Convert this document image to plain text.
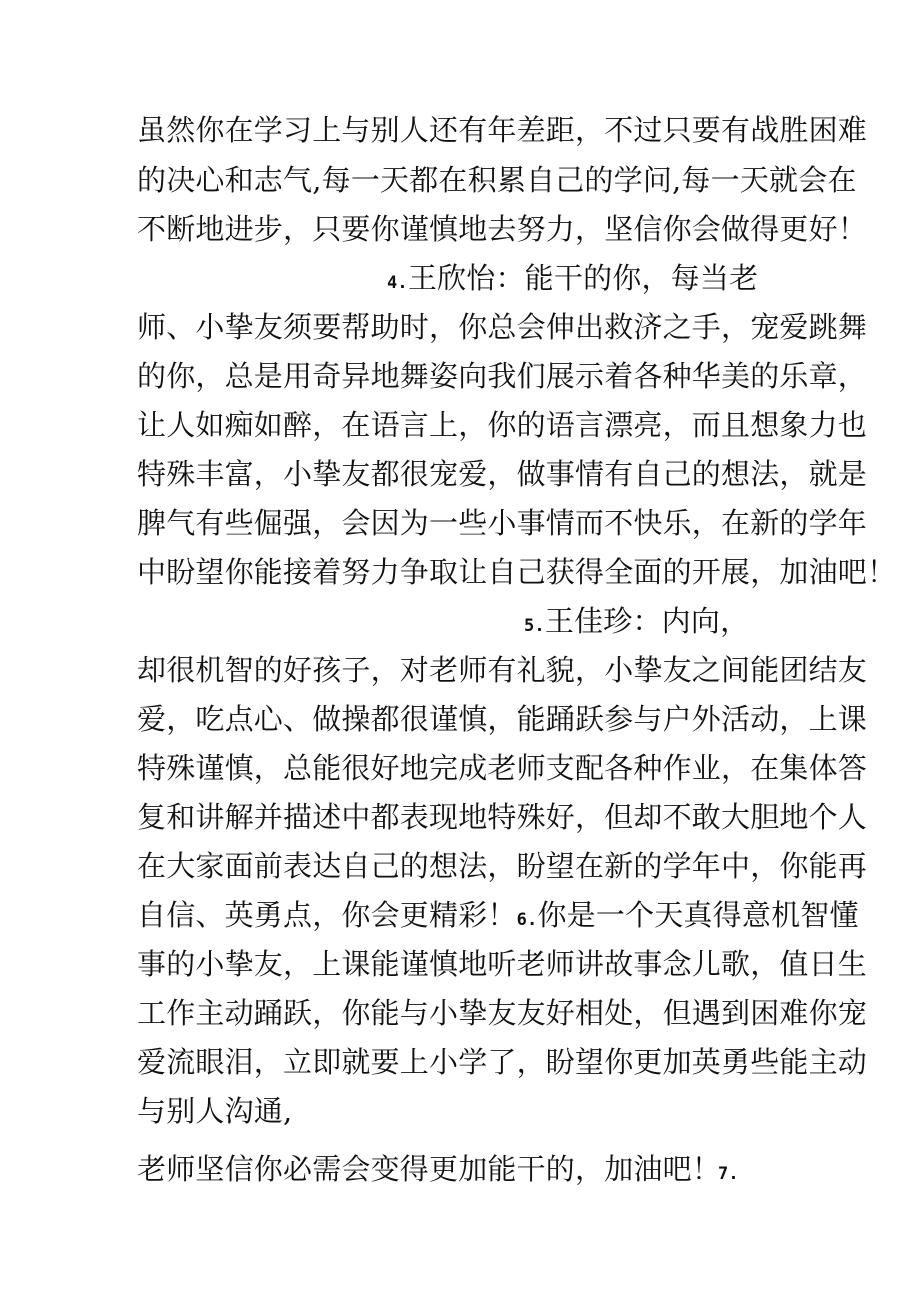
虽然你在学习上与别人还有年差距，不过只要有战胜困难
的决心和志气,每一天都在积累自己的学问,每一天就会在
不断地进步，只要你谨慎地去努力，坚信你会做得更好！
4.王欣怡：能干的你，每当老
师、小挚友须要帮助时，你总会伸出救济之手，宠爱跳舞
的你，总是用奇异地舞姿向我们展示着各种华美的乐章，
让人如痴如醉，在语言上，你的语言漂亮，而且想象力也
特殊丰富，小挚友都很宠爱，做事情有自己的想法，就是
脾气有些倔强，会因为一些小事情而不快乐，在新的学年
中盼望你能接着努力争取让自己获得全面的开展，加油吧！
5.王佳珍：内向，
却很机智的好孩子，对老师有礼貌，小挚友之间能团结友
爱，吃点心、做操都很谨慎，能踊跃参与户外活动，上课
特殊谨慎，总能很好地完成老师支配各种作业，在集体答
复和讲解并描述中都表现地特殊好，但却不敢大胆地个人
在大家面前表达自己的想法，盼望在新的学年中，你能再
自信、英勇点，你会更精彩！6.你是一个天真得意机智懂
事的小挚友，上课能谨慎地听老师讲故事念儿歌，值日生
工作主动踊跃，你能与小挚友友好相处，但遇到困难你宠
爱流眼泪，立即就要上小学了，盼望你更加英勇些能主动
与别人沟通,
老师坚信你必需会变得更加能干的，加油吧！
7.
